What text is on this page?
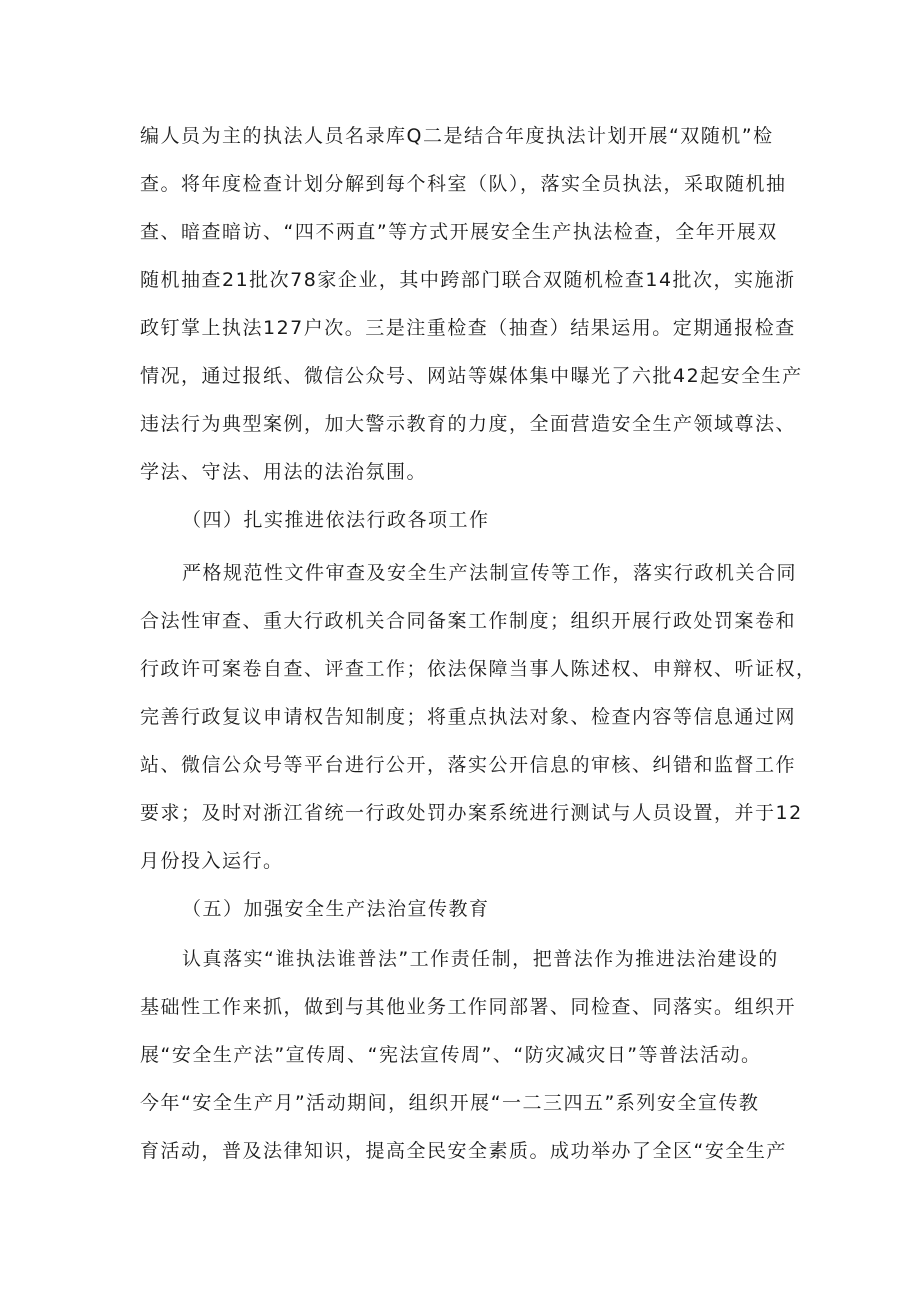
编人员为主的执法人员名录库Q二是结合年度执法计划开展“双随机”检
查。将年度检查计划分解到每个科室（队），落实全员执法，采取随机抽
查、暗查暗访、“四不两直”等方式开展安全生产执法检查，全年开展双
随机抽查21批次78家企业，其中跨部门联合双随机检查14批次，实施浙
政钉掌上执法127户次。三是注重检查（抽查）结果运用。定期通报检查
情况，通过报纸、微信公众号、网站等媒体集中曝光了六批42起安全生产
违法行为典型案例，加大警示教育的力度，全面营造安全生产领域尊法、
学法、守法、用法的法治氛围。
（四）扎实推进依法行政各项工作
严格规范性文件审查及安全生产法制宣传等工作，落实行政机关合同
合法性审查、重大行政机关合同备案工作制度；组织开展行政处罚案卷和
行政许可案卷自查、评查工作；依法保障当事人陈述权、申辩权、听证权，
完善行政复议申请权告知制度；将重点执法对象、检查内容等信息通过网
站、微信公众号等平台进行公开，落实公开信息的审核、纠错和监督工作
要求；及时对浙江省统一行政处罚办案系统进行测试与人员设置，并于12
月份投入运行。
（五）加强安全生产法治宣传教育
认真落实“谁执法谁普法”工作责任制，把普法作为推进法治建设的
基础性工作来抓，做到与其他业务工作同部署、同检查、同落实。组织开
展“安全生产法”宣传周、“宪法宣传周”、“防灾减灾日”等普法活动。
今年“安全生产月”活动期间，组织开展“一二三四五”系列安全宣传教
育活动，普及法律知识，提高全民安全素质。成功举办了全区“安全生产
